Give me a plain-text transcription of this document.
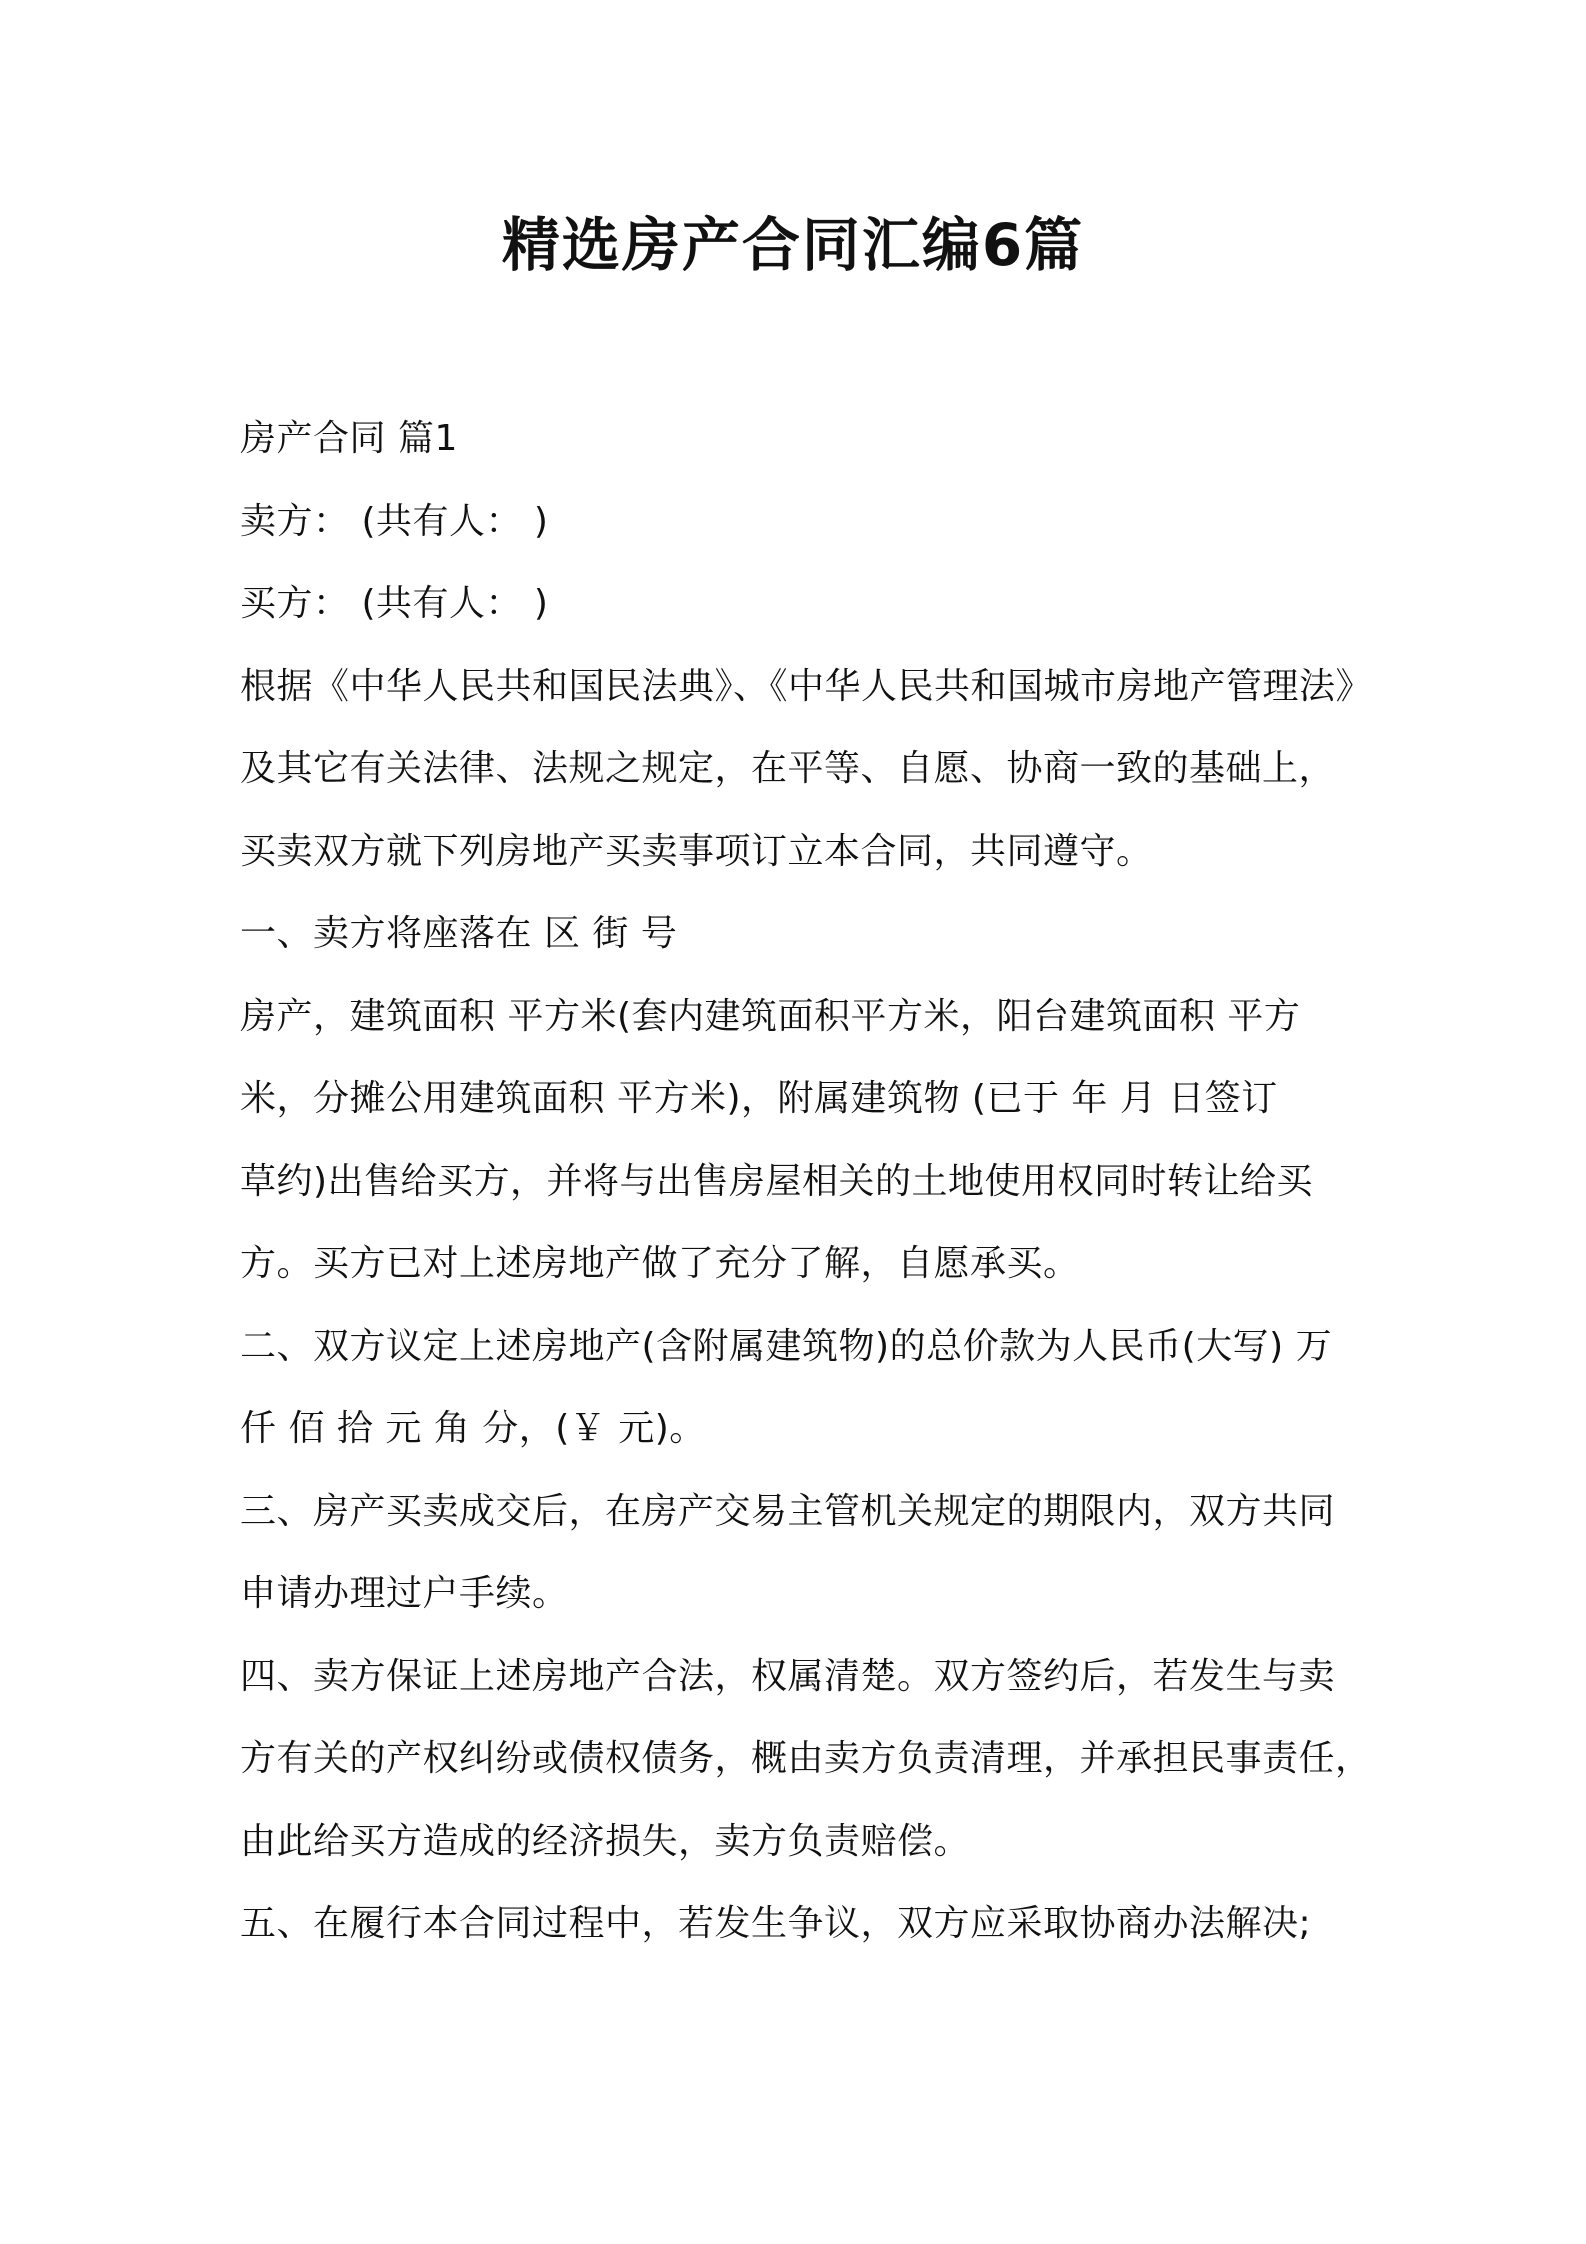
精选房产合同汇编6篇

房产合同 篇1

卖方： (共有人： )

买方： (共有人： )

根据《中华人民共和国民法典》、《中华人民共和国城市房地产管理法》

及其它有关法律、法规之规定，在平等、自愿、协商一致的基础上，

买卖双方就下列房地产买卖事项订立本合同，共同遵守。

一、卖方将座落在 区 街 号

房产，建筑面积 平方米(套内建筑面积平方米，阳台建筑面积 平方

米，分摊公用建筑面积 平方米)，附属建筑物 (已于 年 月 日签订

草约)出售给买方，并将与出售房屋相关的土地使用权同时转让给买

方。买方已对上述房地产做了充分了解，自愿承买。

二、双方议定上述房地产(含附属建筑物)的总价款为人民币(大写) 万

仟 佰 拾 元 角 分，(￥ 元)。

三、房产买卖成交后，在房产交易主管机关规定的期限内，双方共同

申请办理过户手续。

四、卖方保证上述房地产合法，权属清楚。双方签约后，若发生与卖

方有关的产权纠纷或债权债务，概由卖方负责清理，并承担民事责任，

由此给买方造成的经济损失，卖方负责赔偿。

五、在履行本合同过程中，若发生争议，双方应采取协商办法解决;
